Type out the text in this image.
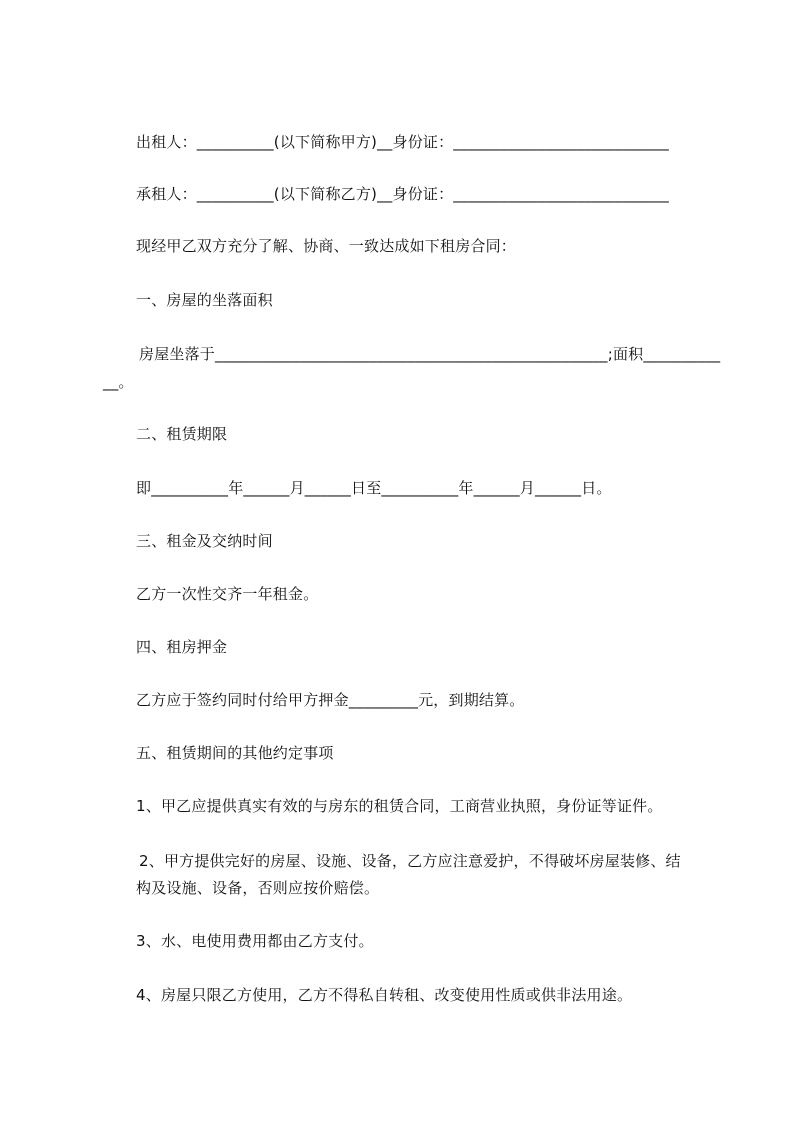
出租人：__________(以下简称甲方)__身份证：____________________________
承租人：__________(以下简称乙方)__身份证：____________________________
现经甲乙双方充分了解、协商、一致达成如下租房合同：
一、房屋的坐落面积
房屋坐落于___________________________________________________;面积__________
__。
二、租赁期限
即__________年______月______日至__________年______月______日。
三、租金及交纳时间
乙方一次性交齐一年租金。
四、租房押金
乙方应于签约同时付给甲方押金_________元，到期结算。
五、租赁期间的其他约定事项
1、甲乙应提供真实有效的与房东的租赁合同，工商营业执照，身份证等证件。
2、甲方提供完好的房屋、设施、设备，乙方应注意爱护，不得破坏房屋装修、结
构及设施、设备，否则应按价赔偿。
3、水、电使用费用都由乙方支付。
4、房屋只限乙方使用，乙方不得私自转租、改变使用性质或供非法用途。
